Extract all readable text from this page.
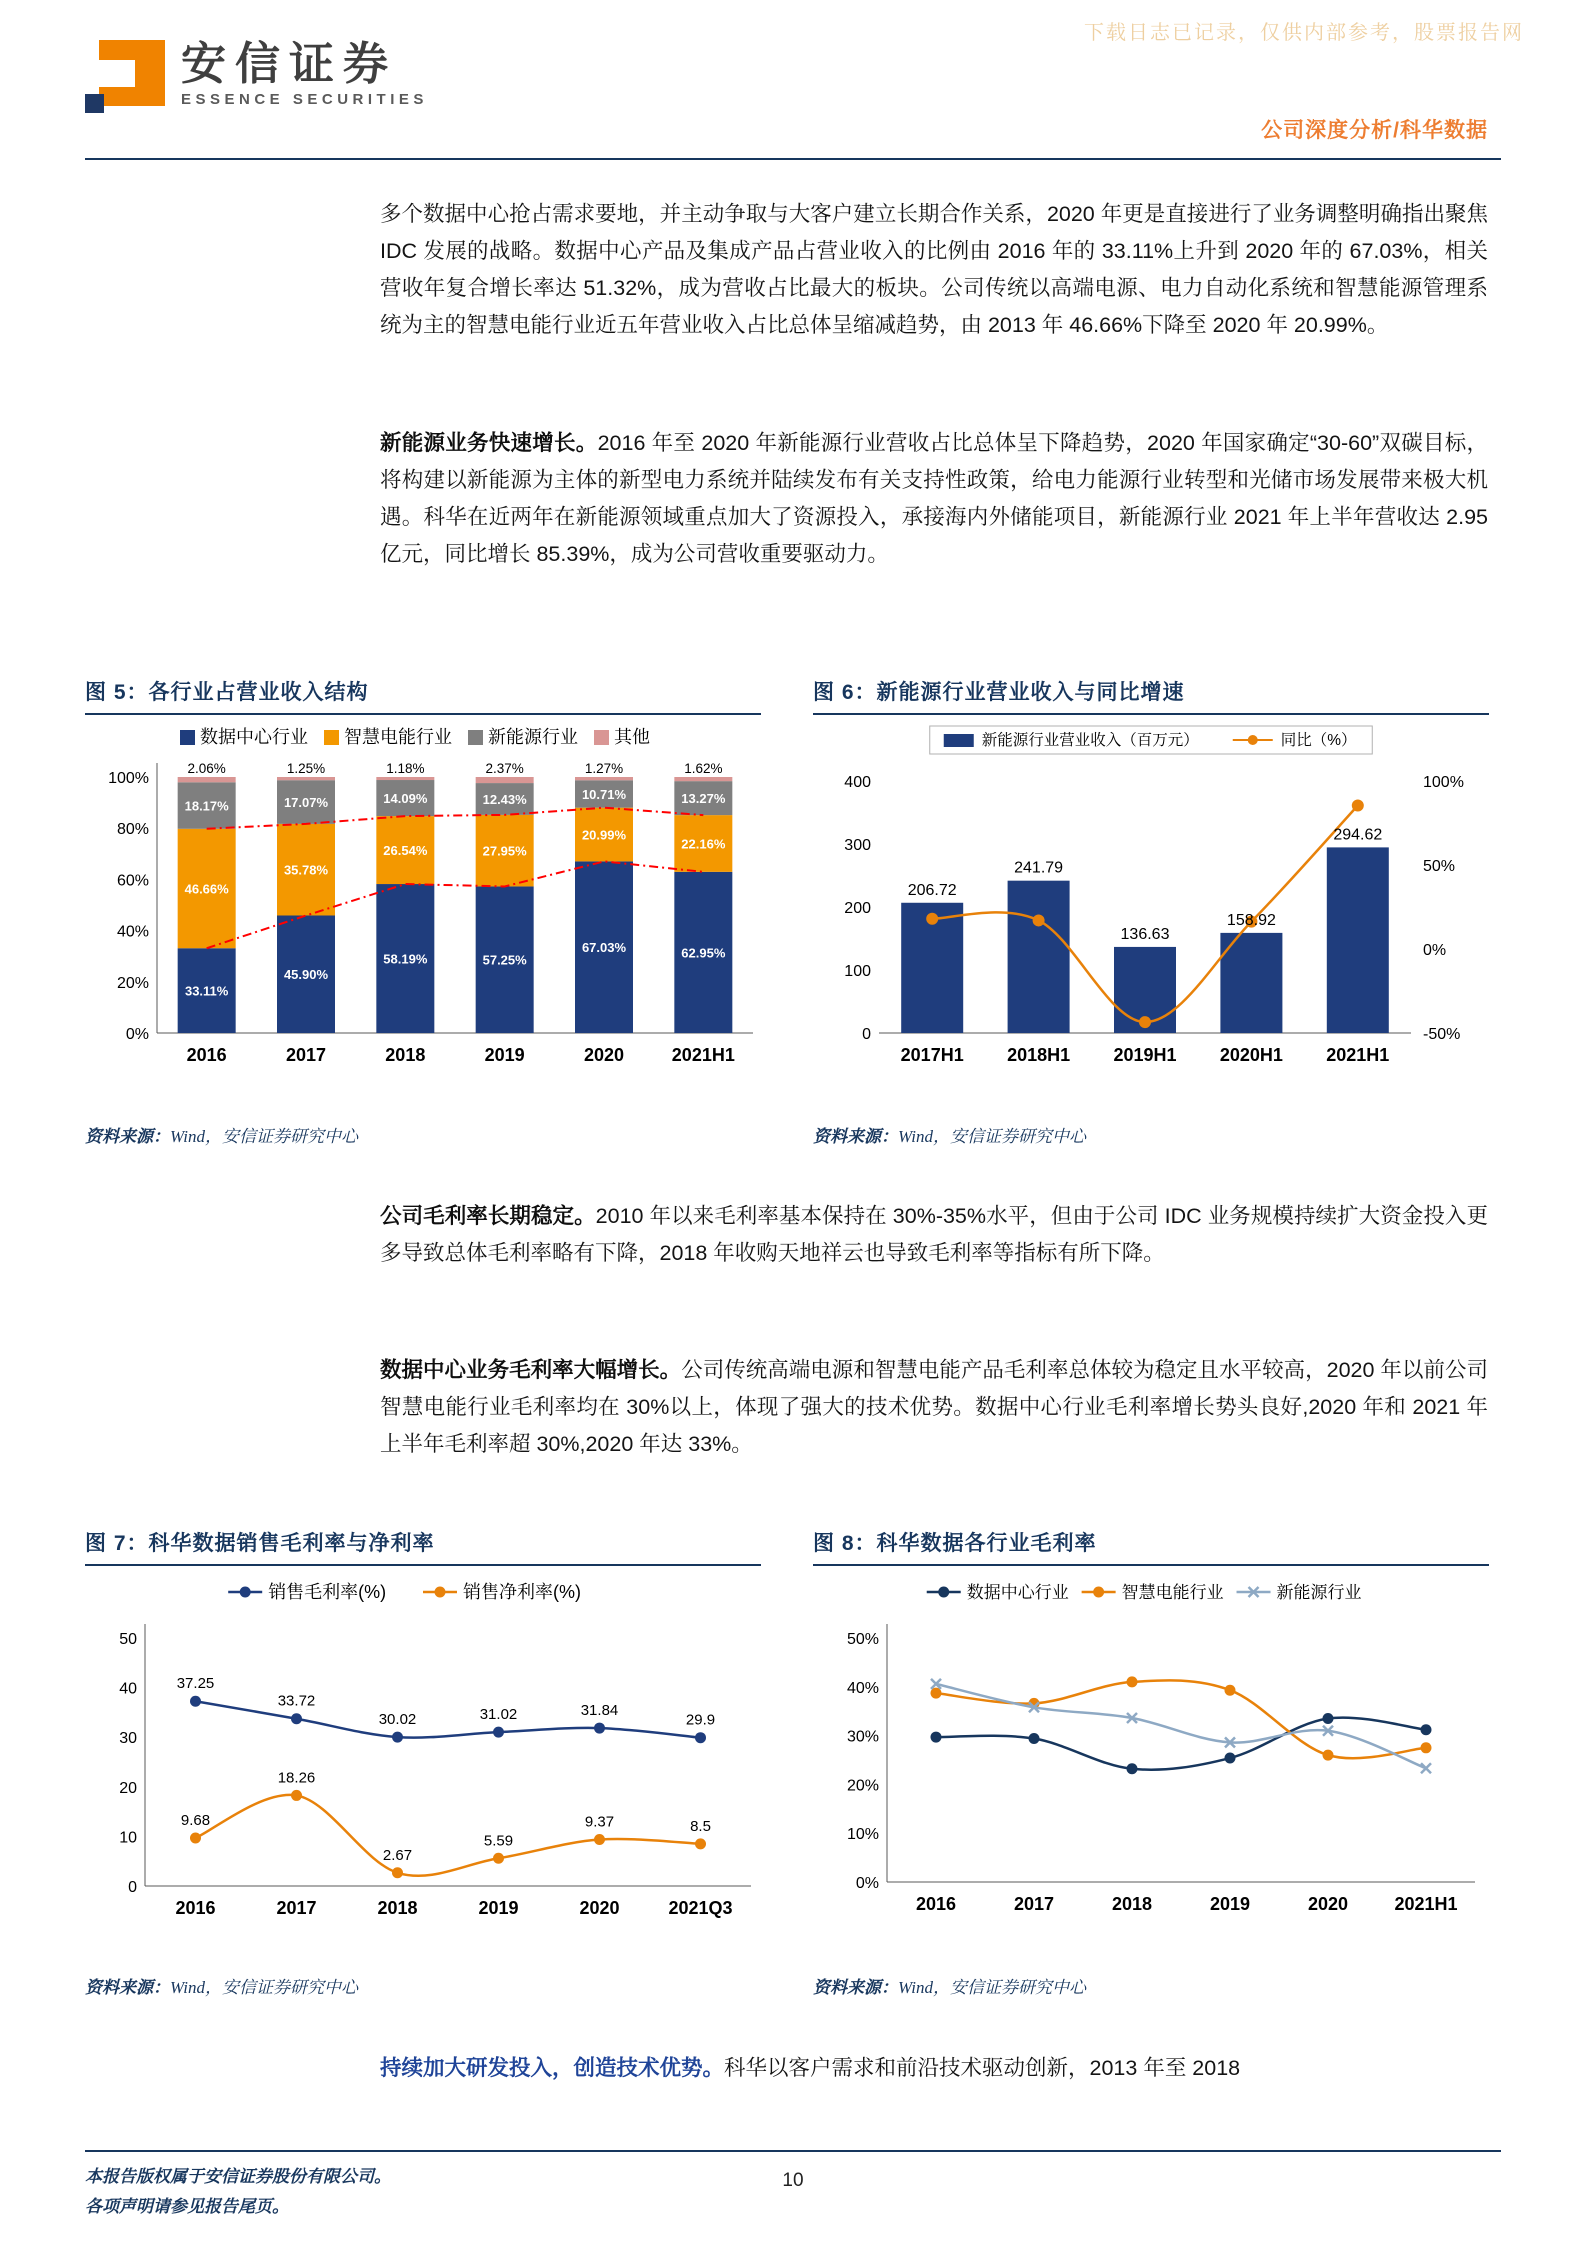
下载日志已记录，仅供内部参考，股票报告网
安信证券
ESSENCE SECURITIES
公司深度分析/科华数据
多个数据中心抢占需求要地，并主动争取与大客户建立长期合作关系，2020 年更是直接进行了业务调整明确指出聚焦 IDC 发展的战略。数据中心产品及集成产品占营业收入的比例由 2016 年的 33.11%上升到 2020 年的 67.03%，相关营收年复合增长率达 51.32%，成为营收占比最大的板块。公司传统以高端电源、电力自动化系统和智慧能源管理系统为主的智慧电能行业近五年营业收入占比总体呈缩减趋势，由 2013 年 46.66%下降至 2020 年 20.99%。
新能源业务快速增长。2016 年至 2020 年新能源行业营收占比总体呈下降趋势，2020 年国家确定“30-60”双碳目标，将构建以新能源为主体的新型电力系统并陆续发布有关支持性政策，给电力能源行业转型和光储市场发展带来极大机遇。科华在近两年在新能源领域重点加大了资源投入，承接海内外储能项目，新能源行业 2021 年上半年营收达 2.95 亿元，同比增长 85.39%，成为公司营收重要驱动力。
图 5：各行业占营业收入结构
数据中心行业 智慧电能行业 新能源行业 其他
0%
20%
40%
60%
80%
100%
33.11%
46.66%
18.17%
2.06%
45.90%
35.78%
17.07%
1.25%
58.19%
26.54%
14.09%
1.18%
57.25%
27.95%
12.43%
2.37%
67.03%
20.99%
10.71%
1.27%
62.95%
22.16%
13.27%
1.62%
2016	2017	2018	2019	2020	2021H1
资料来源：Wind，安信证券研究中心
图 6：新能源行业营业收入与同比增速
新能源行业营业收入（百万元）	同比（%）
0
100
200
300
400
-50%
0%
50%
100%
2017H1 2018H1 2019H1 2020H1 2021H1
206.72
241.79
136.63
158.92
294.62
资料来源：Wind，安信证券研究中心
公司毛利率长期稳定。2010 年以来毛利率基本保持在 30%-35%水平，但由于公司 IDC 业务规模持续扩大资金投入更多导致总体毛利率略有下降，2018 年收购天地祥云也导致毛利率等指标有所下降。
数据中心业务毛利率大幅增长。公司传统高端电源和智慧电能产品毛利率总体较为稳定且水平较高，2020 年以前公司智慧电能行业毛利率均在 30%以上，体现了强大的技术优势。数据中心行业毛利率增长势头良好,2020 年和 2021 年上半年毛利率超 30%,2020 年达 33%。
图 7：科华数据销售毛利率与净利率
销售毛利率(%)	销售净利率(%)
0
10
20
30
40
50
2016	2017	2018	2019	2020	2021Q3
37.25
33.72
30.02	31.02	31.84
29.9
9.68
18.26
2.67
5.59
9.37	8.5
资料来源：Wind，安信证券研究中心
图 8：科华数据各行业毛利率
数据中心行业	智慧电能行业	新能源行业
0%
10%
20%
30%
40%
50%
2016	2017	2018	2019	2020	2021H1
资料来源：Wind，安信证券研究中心
持续加大研发投入，创造技术优势。科华以客户需求和前沿技术驱动创新，2013 年至 2018
本报告版权属于安信证券股份有限公司。
各项声明请参见报告尾页。
10
